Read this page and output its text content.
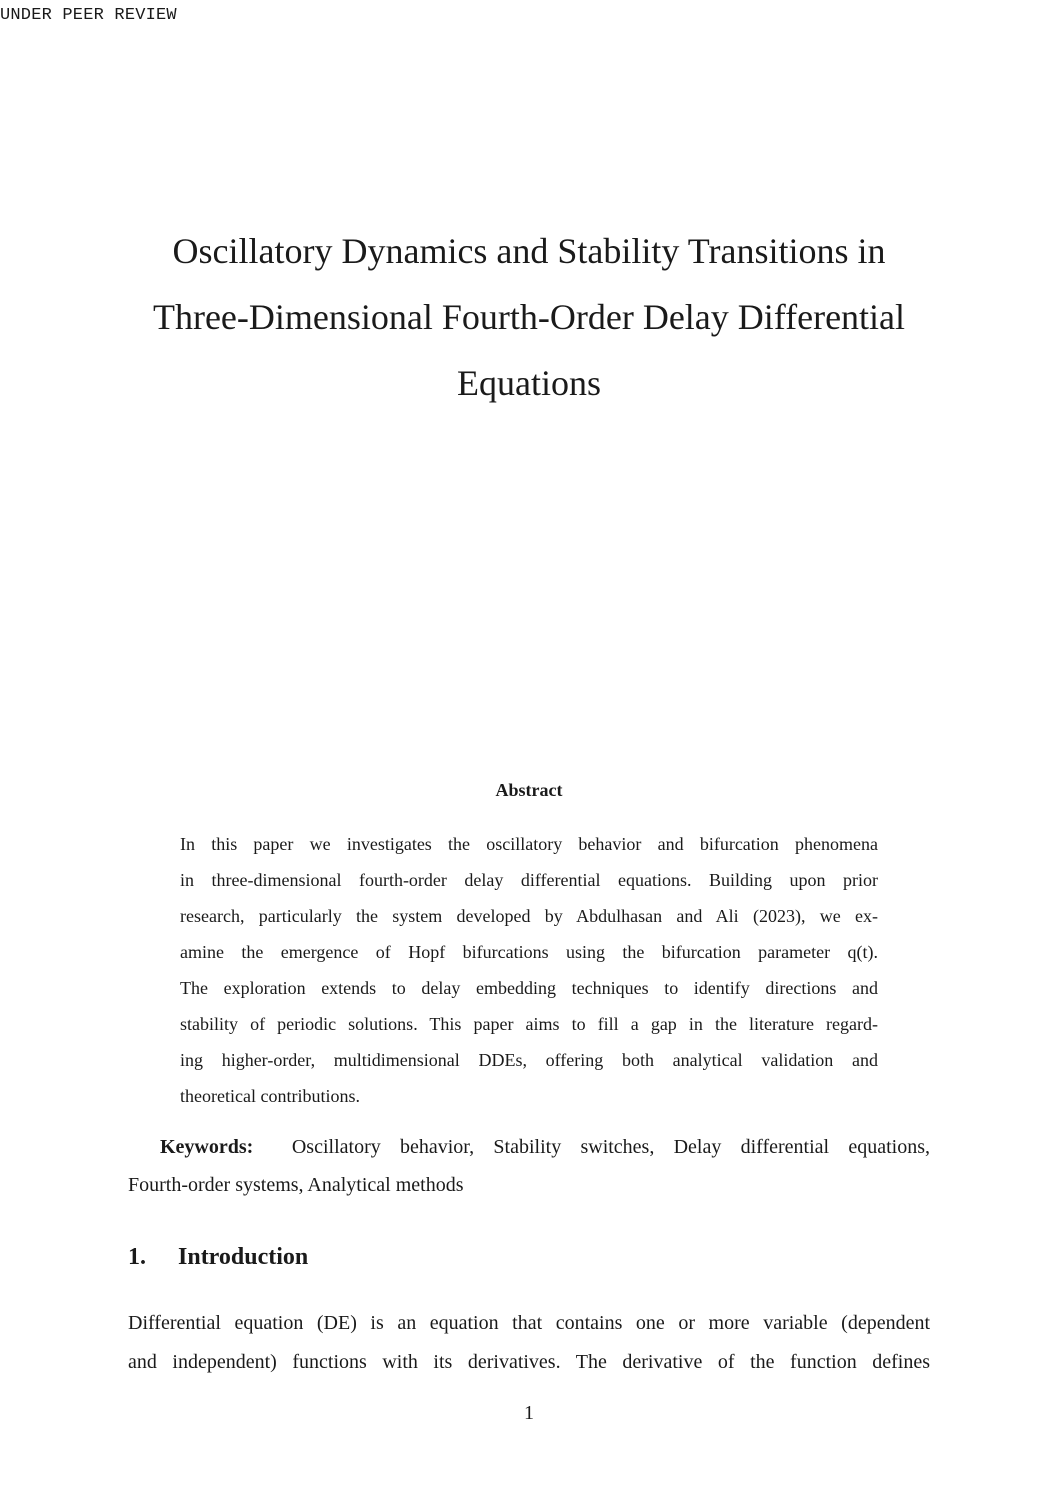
UNDER PEER REVIEW
Oscillatory Dynamics and Stability Transitions in
Three-Dimensional Fourth-Order Delay Differential
Equations
Abstract
In this paper we investigates the oscillatory behavior and bifurcation phenomena
in three-dimensional fourth-order delay differential equations. Building upon prior
research, particularly the system developed by Abdulhasan and Ali (2023), we ex-
amine the emergence of Hopf bifurcations using the bifurcation parameter q(t).
The exploration extends to delay embedding techniques to identify directions and
stability of periodic solutions. This paper aims to fill a gap in the literature regard-
ing higher-order, multidimensional DDEs, offering both analytical validation and
theoretical contributions.
Keywords: Oscillatory behavior, Stability switches, Delay differential equations,
Fourth-order systems, Analytical methods
1. Introduction
Differential equation (DE) is an equation that contains one or more variable (dependent
and independent) functions with its derivatives. The derivative of the function defines
1
